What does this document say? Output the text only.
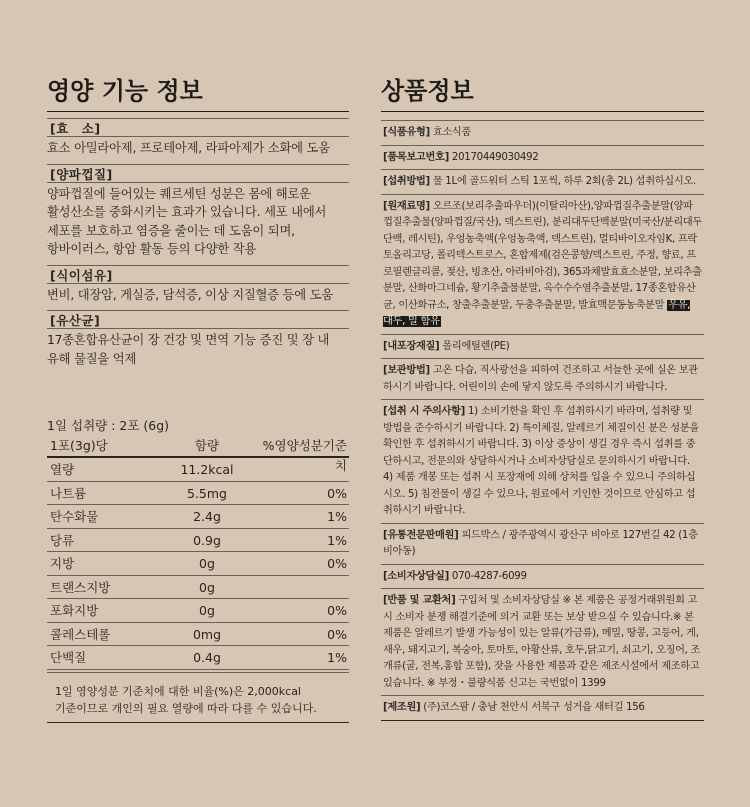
영양 기능 정보
[효　소]
효소 아밀라아제, 프로테아제, 라파아제가 소화에 도움
[양파껍질]
양파껍질에 들어있는 퀘르세틴 성분은 몸에 해로운 활성산소를 중화시키는 효과가 있습니다. 세포 내에서 세포를 보호하고 염증을 줄이는 데 도움이 되며, 항바이러스, 항암 활동 등의 다양한 작용
[식이섬유]
변비, 대장암, 게실증, 담석증, 이상 지질혈증 등에 도움
[유산균]
17종혼합유산균이 장 건강 및 면역 기능 증진 및 장 내 유해 물질을 억제
1일 섭취량 : 2포 (6g)
1포(3g)당	함량	%영양성분기준치
열량	11.2kcal
나트륨	5.5mg	0%
탄수화물	2.4g	1%
당류	0.9g	1%
지방	0g	0%
트랜스지방	0g
포화지방	0g	0%
콜레스테롤	0mg	0%
단백질	0.4g	1%
1일 영양성분 기준치에 대한 비율(%)은 2,000kcal 기준이므로 개인의 필요 열량에 따라 다를 수 있습니다.
상품정보
[식품유형] 효소식품
[품목보고번호] 20170449030492
[섭취방법] 물 1L에 골드워터 스틱 1포씩, 하루 2회(총 2L) 섭취하십시오.
[원재료명] 오르조(보리추출파우더)(이탈리아산),양파껍질추출분말(양파껍질추출물(양파껍질/국산), 덱스트린), 분리대두단백분말(미국산/분리대두단백, 레시틴), 우엉농축액(우엉농축액, 덱스트린), 멀티바이오자임K, 프락토올리고당, 폴리덱스트로스, 혼합제제(검은콩향/덱스트린, 주정, 향료, 프로필렌글리콜, 젖산, 빙초산, 아라비아검), 365과채발효효소분말, 보리추출분말, 산화마그네슘, 황기추출물분말, 옥수수수염추출분말, 17종혼합유산균, 이산화규소, 창출추출분말, 두충추출분말, 발효맥문동농축분말 우유, 대두, 밀 함유
[내포장재질] 폴리에틸렌(PE)
[보관방법] 고온 다습, 직사광선을 피하여 건조하고 서늘한 곳에 실온 보관하시기 바랍니다. 어린이의 손에 닿지 않도록 주의하시기 바랍니다.
[섭취 시 주의사항] 1) 소비기한을 확인 후 섭취하시기 바라며, 섭취량 및 방법을 준수하시기 바랍니다. 2) 특이체질, 알레르기 체질이신 분은 성분을 확인한 후 섭취하시기 바랍니다. 3) 이상 증상이 생길 경우 즉시 섭취를 중단하시고, 전문의와 상담하시거나 소비자상담실로 문의하시기 바랍니다. 4) 제품 개봉 또는 섭취 시 포장재에 의해 상처를 입을 수 있으니 주의하십시오. 5) 침전물이 생길 수 있으나, 원료에서 기인한 것이므로 안심하고 섭취하시기 바랍니다.
[유통전문판매원] 피드박스 / 광주광역시 광산구 비아로 127번길 42 (1층 비아동)
[소비자상담실] 070-4287-6099
[반품 및 교환처] 구입처 및 소비자상담실 ※ 본 제품은 공정거래위원회 고시 소비자 분쟁 해결기준에 의거 교환 또는 보상 받으실 수 있습니다.※ 본 제품은 알레르기 발생 가능성이 있는 알류(가금류), 메밀, 땅콩, 고등어, 게, 새우, 돼지고기, 복숭아, 토마토, 아황산류, 호두,닭고기, 쇠고기, 오징어, 조개류(굴, 전복,홍합 포함), 잣을 사용한 제품과 같은 제조시설에서 제조하고 있습니다. ※ 부정・불량식품 신고는 국번없이 1399
[제조원] (주)코스팜 / 충남 천안시 서북구 성거읍 새터길 156
